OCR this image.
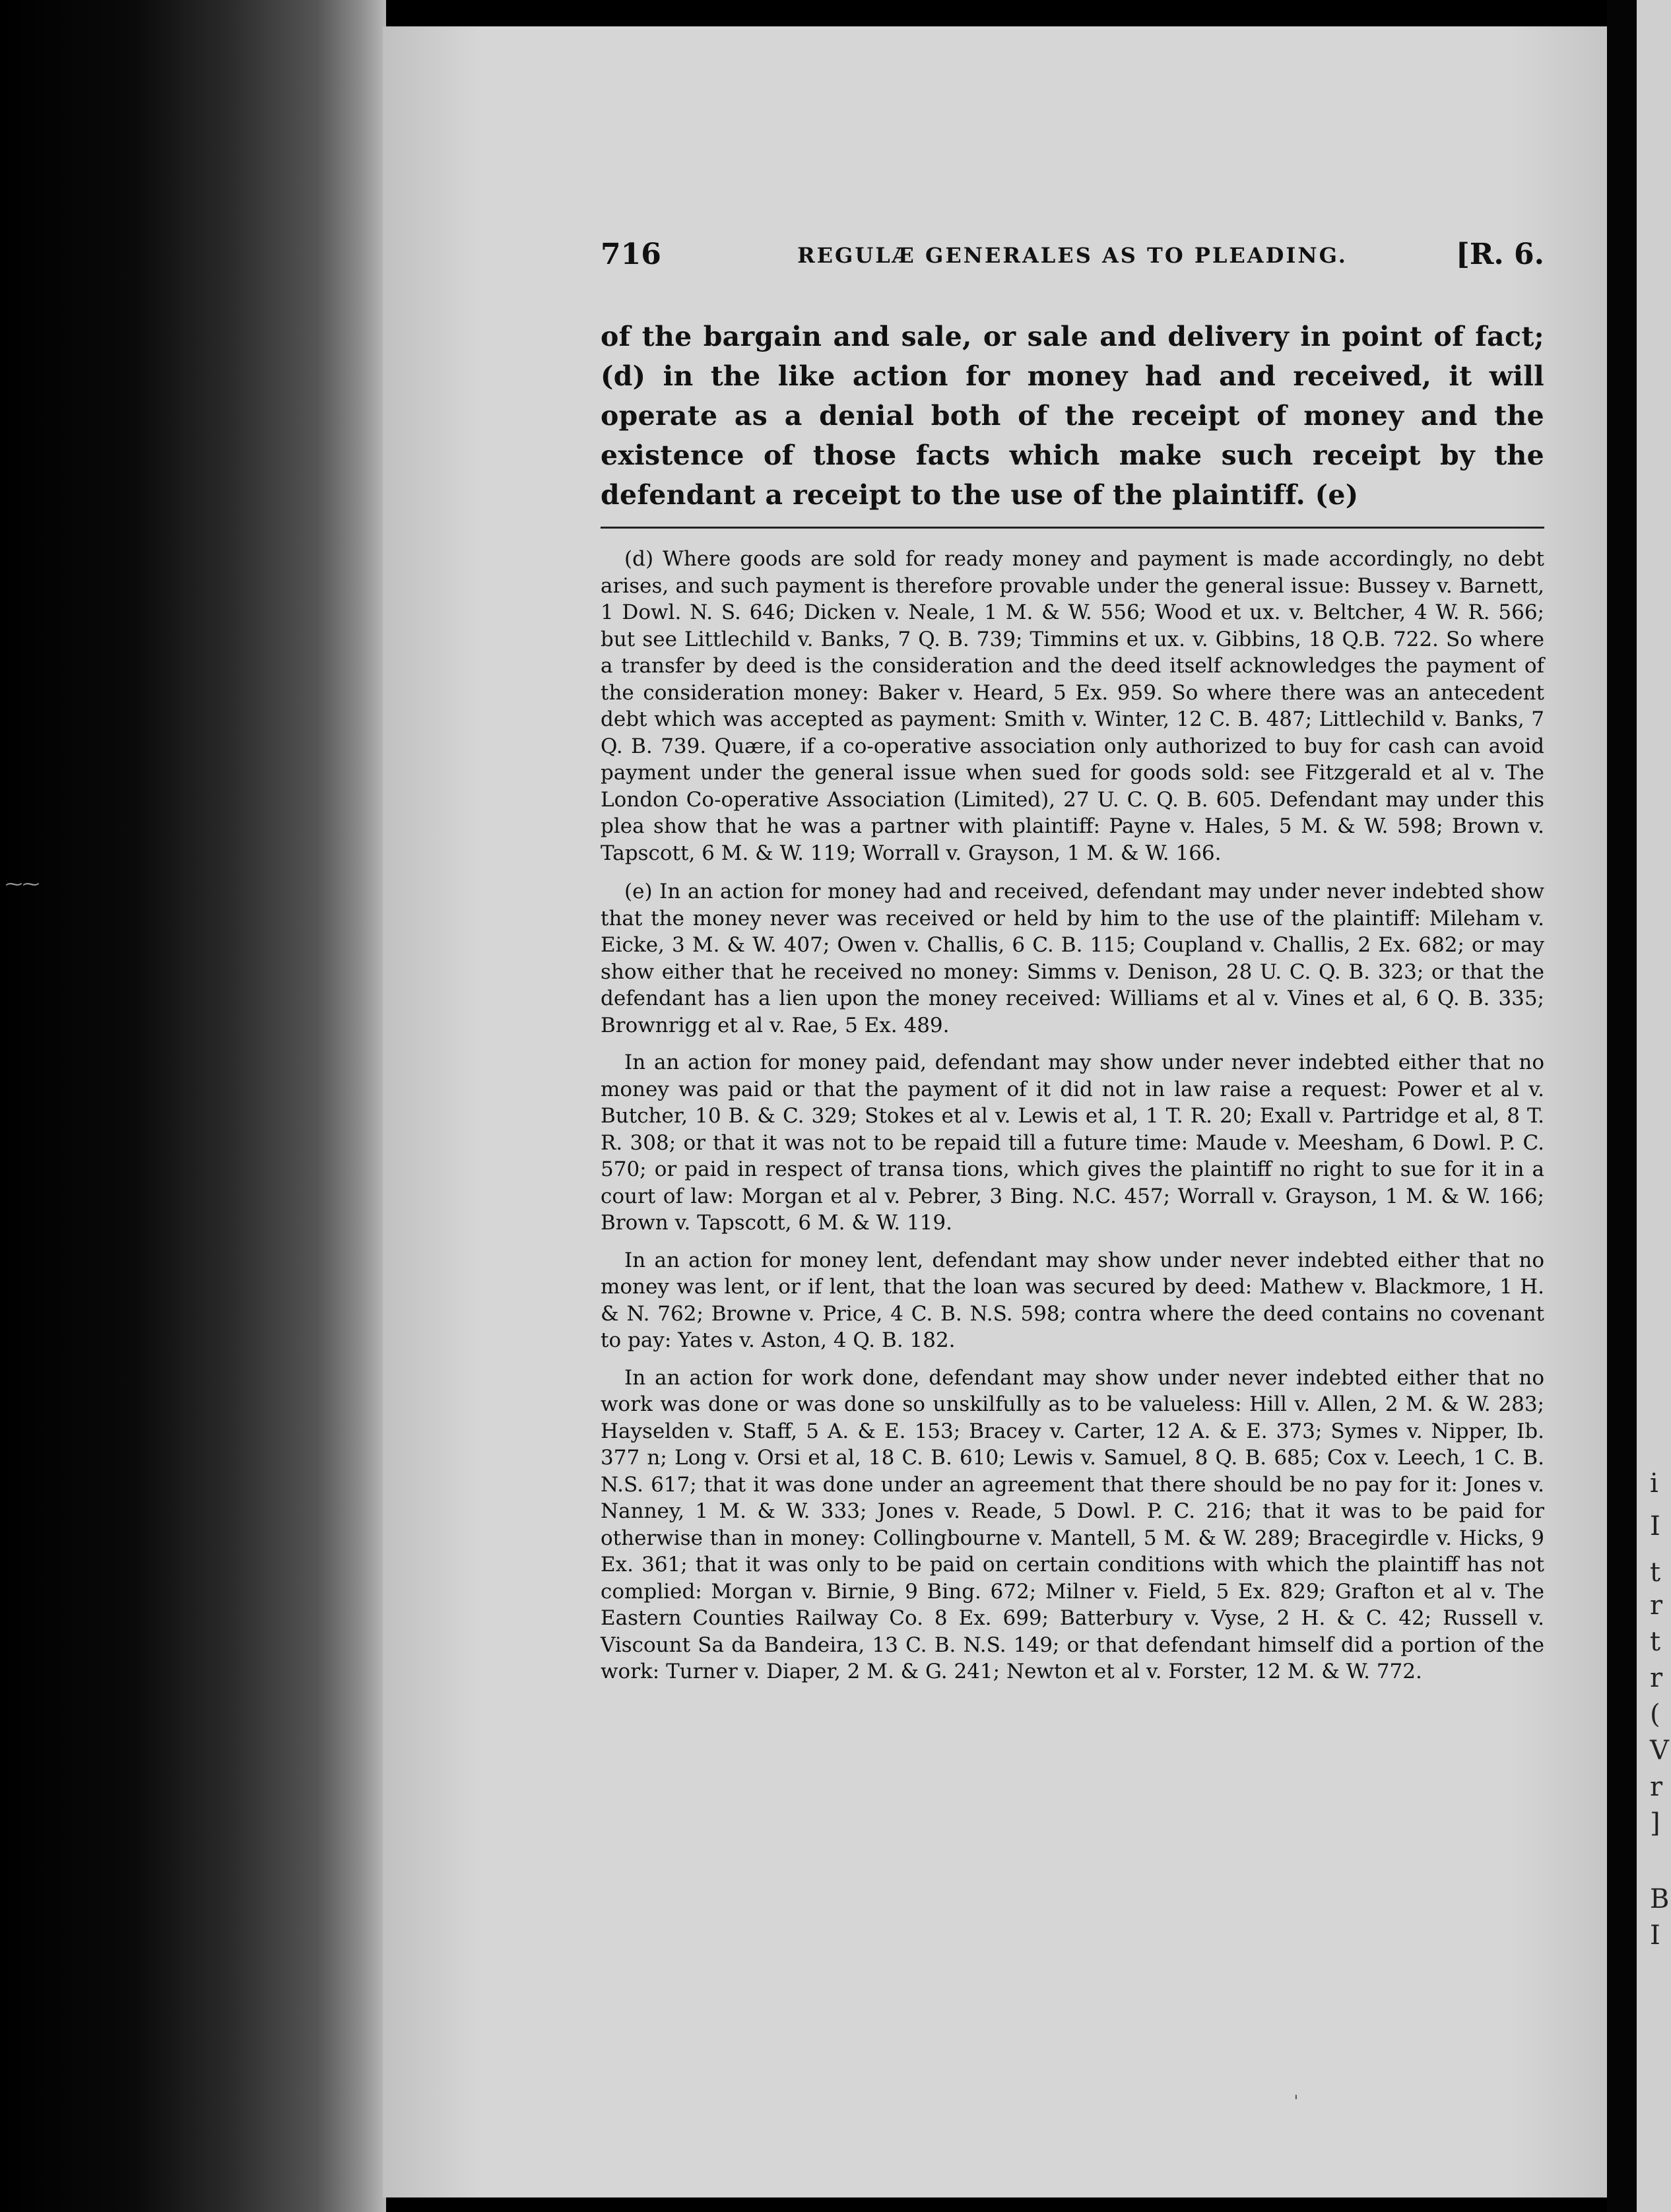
⁓⁓
i
I
t
r
t
r
(
V
r
]
B
I
716	REGULÆ GENERALES AS TO PLEADING.	[R. 6.
of the bargain and sale, or sale and delivery in point of fact; (d) in the like action for money had and received, it will operate as a denial both of the receipt of money and the existence of those facts which make such receipt by the defendant a receipt to the use of the plaintiff. (e)

(d) Where goods are sold for ready money and payment is made accordingly, no debt arises, and such payment is therefore provable under the general issue: Bussey v. Barnett, 1 Dowl. N. S. 646; Dicken v. Neale, 1 M. & W. 556; Wood et ux. v. Beltcher, 4 W. R. 566; but see Littlechild v. Banks, 7 Q. B. 739; Timmins et ux. v. Gibbins, 18 Q.B. 722. So where a transfer by deed is the consideration and the deed itself acknowledges the payment of the consideration money: Baker v. Heard, 5 Ex. 959. So where there was an antecedent debt which was accepted as payment: Smith v. Winter, 12 C. B. 487; Littlechild v. Banks, 7 Q. B. 739. Quære, if a co-operative association only authorized to buy for cash can avoid payment under the general issue when sued for goods sold: see Fitzgerald et al v. The London Co-operative Association (Limited), 27 U. C. Q. B. 605. Defendant may under this plea show that he was a partner with plaintiff: Payne v. Hales, 5 M. & W. 598; Brown v. Tapscott, 6 M. & W. 119; Worrall v. Grayson, 1 M. & W. 166.

(e) In an action for money had and received, defendant may under never indebted show that the money never was received or held by him to the use of the plaintiff: Mileham v. Eicke, 3 M. & W. 407; Owen v. Challis, 6 C. B. 115; Coupland v. Challis, 2 Ex. 682; or may show either that he received no money: Simms v. Denison, 28 U. C. Q. B. 323; or that the defendant has a lien upon the money received: Williams et al v. Vines et al, 6 Q. B. 335; Brownrigg et al v. Rae, 5 Ex. 489.

In an action for money paid, defendant may show under never indebted either that no money was paid or that the payment of it did not in law raise a request: Power et al v. Butcher, 10 B. & C. 329; Stokes et al v. Lewis et al, 1 T. R. 20; Exall v. Partridge et al, 8 T. R. 308; or that it was not to be repaid till a future time: Maude v. Meesham, 6 Dowl. P. C. 570; or paid in respect of transa tions, which gives the plaintiff no right to sue for it in a court of law: Morgan et al v. Pebrer, 3 Bing. N.C. 457; Worrall v. Grayson, 1 M. & W. 166; Brown v. Tapscott, 6 M. & W. 119.

In an action for money lent, defendant may show under never indebted either that no money was lent, or if lent, that the loan was secured by deed: Mathew v. Blackmore, 1 H. & N. 762; Browne v. Price, 4 C. B. N.S. 598; contra where the deed contains no covenant to pay: Yates v. Aston, 4 Q. B. 182.

In an action for work done, defendant may show under never indebted either that no work was done or was done so unskilfully as to be valueless: Hill v. Allen, 2 M. & W. 283; Hayselden v. Staff, 5 A. & E. 153; Bracey v. Carter, 12 A. & E. 373; Symes v. Nipper, Ib. 377 n; Long v. Orsi et al, 18 C. B. 610; Lewis v. Samuel, 8 Q. B. 685; Cox v. Leech, 1 C. B. N.S. 617; that it was done under an agreement that there should be no pay for it: Jones v. Nanney, 1 M. & W. 333; Jones v. Reade, 5 Dowl. P. C. 216; that it was to be paid for otherwise than in money: Collingbourne v. Mantell, 5 M. & W. 289; Bracegirdle v. Hicks, 9 Ex. 361; that it was only to be paid on certain conditions with which the plaintiff has not complied: Morgan v. Birnie, 9 Bing. 672; Milner v. Field, 5 Ex. 829; Grafton et al v. The Eastern Counties Railway Co. 8 Ex. 699; Batterbury v. Vyse, 2 H. & C. 42; Russell v. Viscount Sa da Bandeira, 13 C. B. N.S. 149; or that defendant himself did a portion of the work: Turner v. Diaper, 2 M. & G. 241; Newton et al v. Forster, 12 M. & W. 772.

ˈ
